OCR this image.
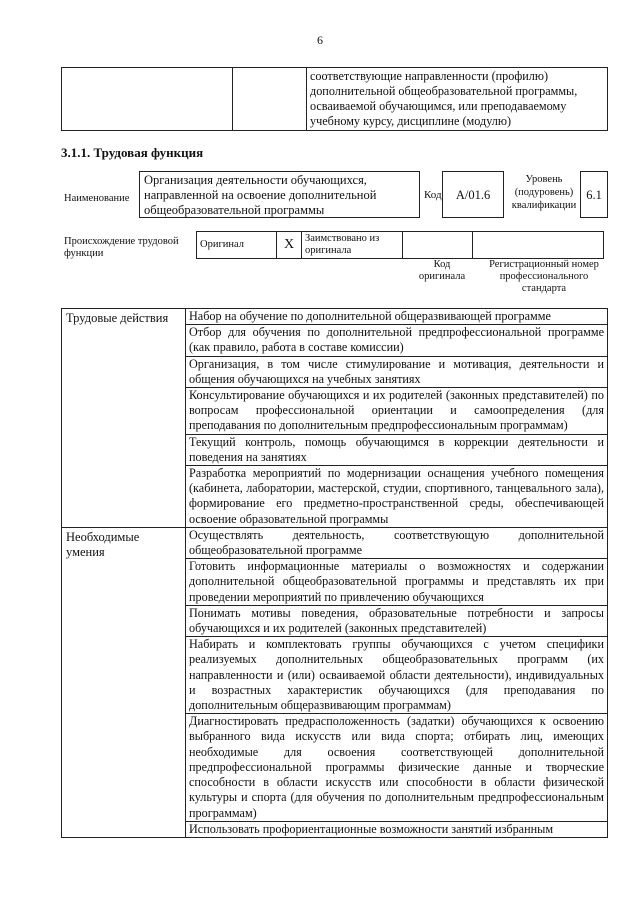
6
		соответствующие направленности (профилю) дополнительной общеобразовательной программы, осваиваемой обучающимся, или преподаваемому учебному курсу, дисциплине (модулю)
3.1.1. Трудовая функция
Наименование
Организация деятельности обучающихся, направленной на освоение дополнительной общеобразовательной программы
Код	A/01.6
Уровень (подуровень) квалификации
6.1
Происхождение трудовой функции
Оригинал	X	Заимствовано из оригинала		
Код оригинала
Регистрационный номер профессионального стандарта
Трудовые действия	Набор на обучение по дополнительной общеразвивающей программе
	Отбор для обучения по дополнительной предпрофессиональной программе (как правило, работа в составе комиссии)
	Организация, в том числе стимулирование и мотивация, деятельности и общения обучающихся на учебных занятиях
	Консультирование обучающихся и их родителей (законных представителей) по вопросам профессиональной ориентации и самоопределения (для преподавания по дополнительным предпрофессиональным программам)
	Текущий контроль, помощь обучающимся в коррекции деятельности и поведения на занятиях
	Разработка мероприятий по модернизации оснащения учебного помещения (кабинета, лаборатории, мастерской, студии, спортивного, танцевального зала), формирование его предметно-пространственной среды, обеспечивающей освоение образовательной программы
Необходимые умения	Осуществлять деятельность, соответствующую дополнительной общеобразовательной программе
	Готовить информационные материалы о возможностях и содержании дополнительной общеобразовательной программы и представлять их при проведении мероприятий по привлечению обучающихся
	Понимать мотивы поведения, образовательные потребности и запросы обучающихся и их родителей (законных представителей)
	Набирать и комплектовать группы обучающихся с учетом специфики реализуемых дополнительных общеобразовательных программ (их направленности и (или) осваиваемой области деятельности), индивидуальных и возрастных характеристик обучающихся (для преподавания по дополнительным общеразвивающим программам)
	Диагностировать предрасположенность (задатки) обучающихся к освоению выбранного вида искусств или вида спорта; отбирать лиц, имеющих необходимые для освоения соответствующей дополнительной предпрофессиональной программы физические данные и творческие способности в области искусств или способности в области физической культуры и спорта (для обучения по дополнительным предпрофессиональным программам)
	Использовать профориентационные возможности занятий избранным
